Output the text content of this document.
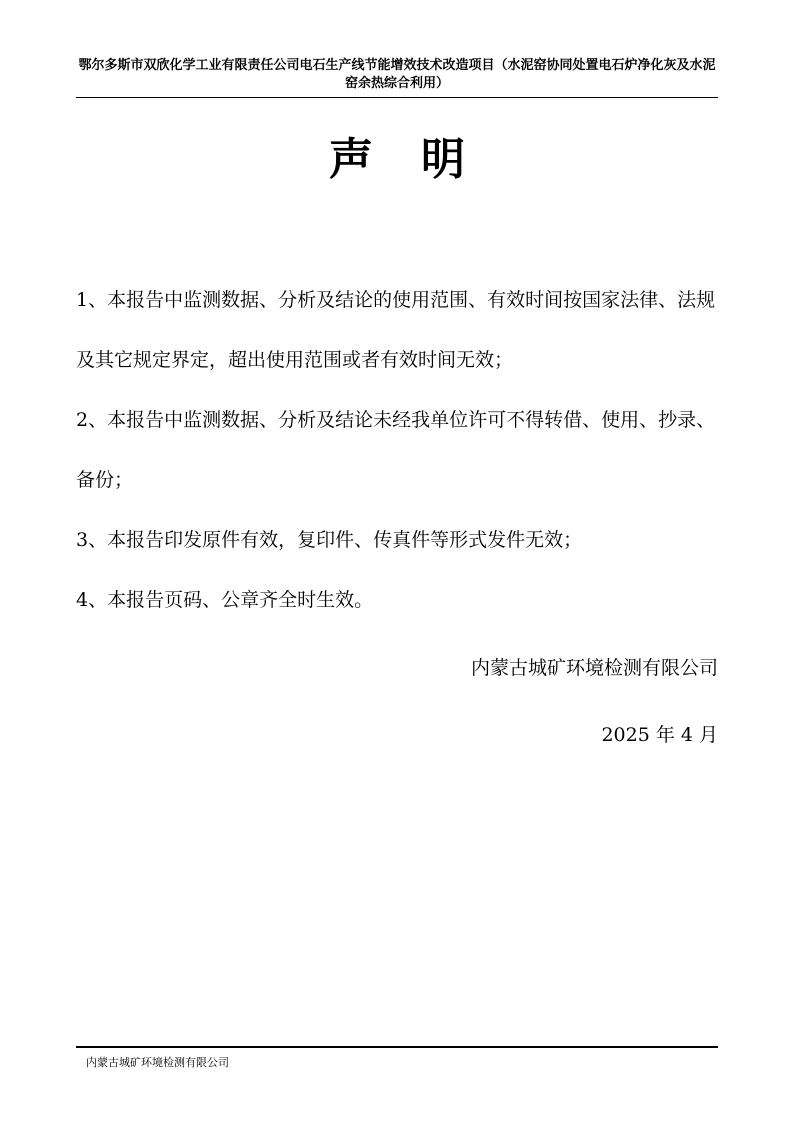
鄂尔多斯市双欣化学工业有限责任公司电石生产线节能增效技术改造项目（水泥窑协同处置电石炉净化灰及水泥窑余热综合利用）
声明
1、本报告中监测数据、分析及结论的使用范围、有效时间按国家法律、法规及其它规定界定，超出使用范围或者有效时间无效；
2、本报告中监测数据、分析及结论未经我单位许可不得转借、使用、抄录、备份；
3、本报告印发原件有效，复印件、传真件等形式发件无效；
4、本报告页码、公章齐全时生效。
内蒙古城矿环境检测有限公司
2025 年 4 月
内蒙古城矿环境检测有限公司
